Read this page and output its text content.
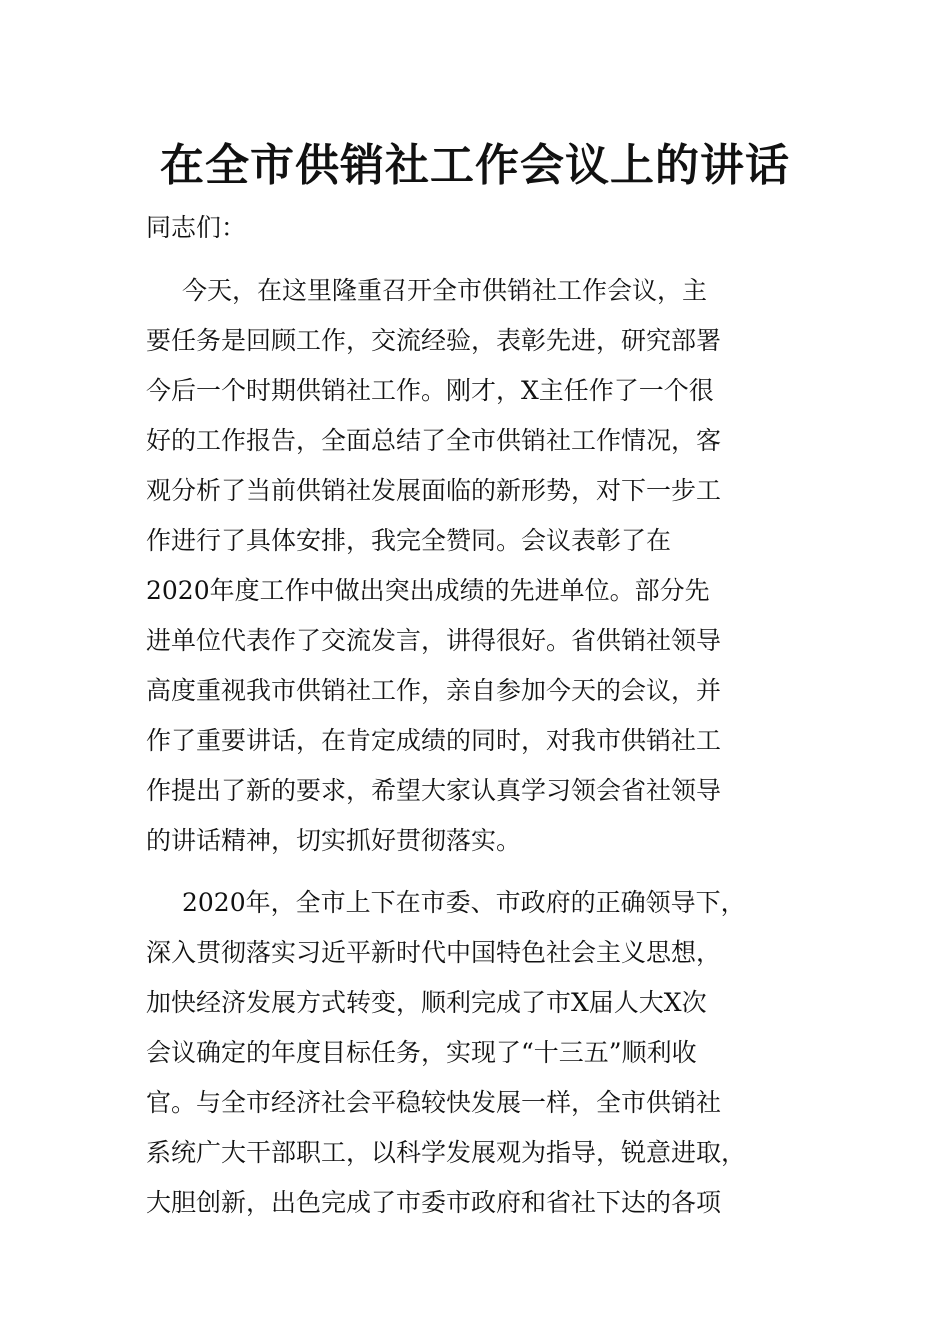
在全市供销社工作会议上的讲话
同志们：
今天，在这里隆重召开全市供销社工作会议，主
要任务是回顾工作，交流经验，表彰先进，研究部署
今后一个时期供销社工作。刚才，X主任作了一个很
好的工作报告，全面总结了全市供销社工作情况，客
观分析了当前供销社发展面临的新形势，对下一步工
作进行了具体安排，我完全赞同。会议表彰了在
2020年度工作中做出突出成绩的先进单位。部分先
进单位代表作了交流发言，讲得很好。省供销社领导
高度重视我市供销社工作，亲自参加今天的会议，并
作了重要讲话，在肯定成绩的同时，对我市供销社工
作提出了新的要求，希望大家认真学习领会省社领导
的讲话精神，切实抓好贯彻落实。
2020年，全市上下在市委、市政府的正确领导下，
深入贯彻落实习近平新时代中国特色社会主义思想，
加快经济发展方式转变，顺利完成了市X届人大X次
会议确定的年度目标任务，实现了“十三五”顺利收
官。与全市经济社会平稳较快发展一样，全市供销社
系统广大干部职工，以科学发展观为指导，锐意进取，
大胆创新，出色完成了市委市政府和省社下达的各项
